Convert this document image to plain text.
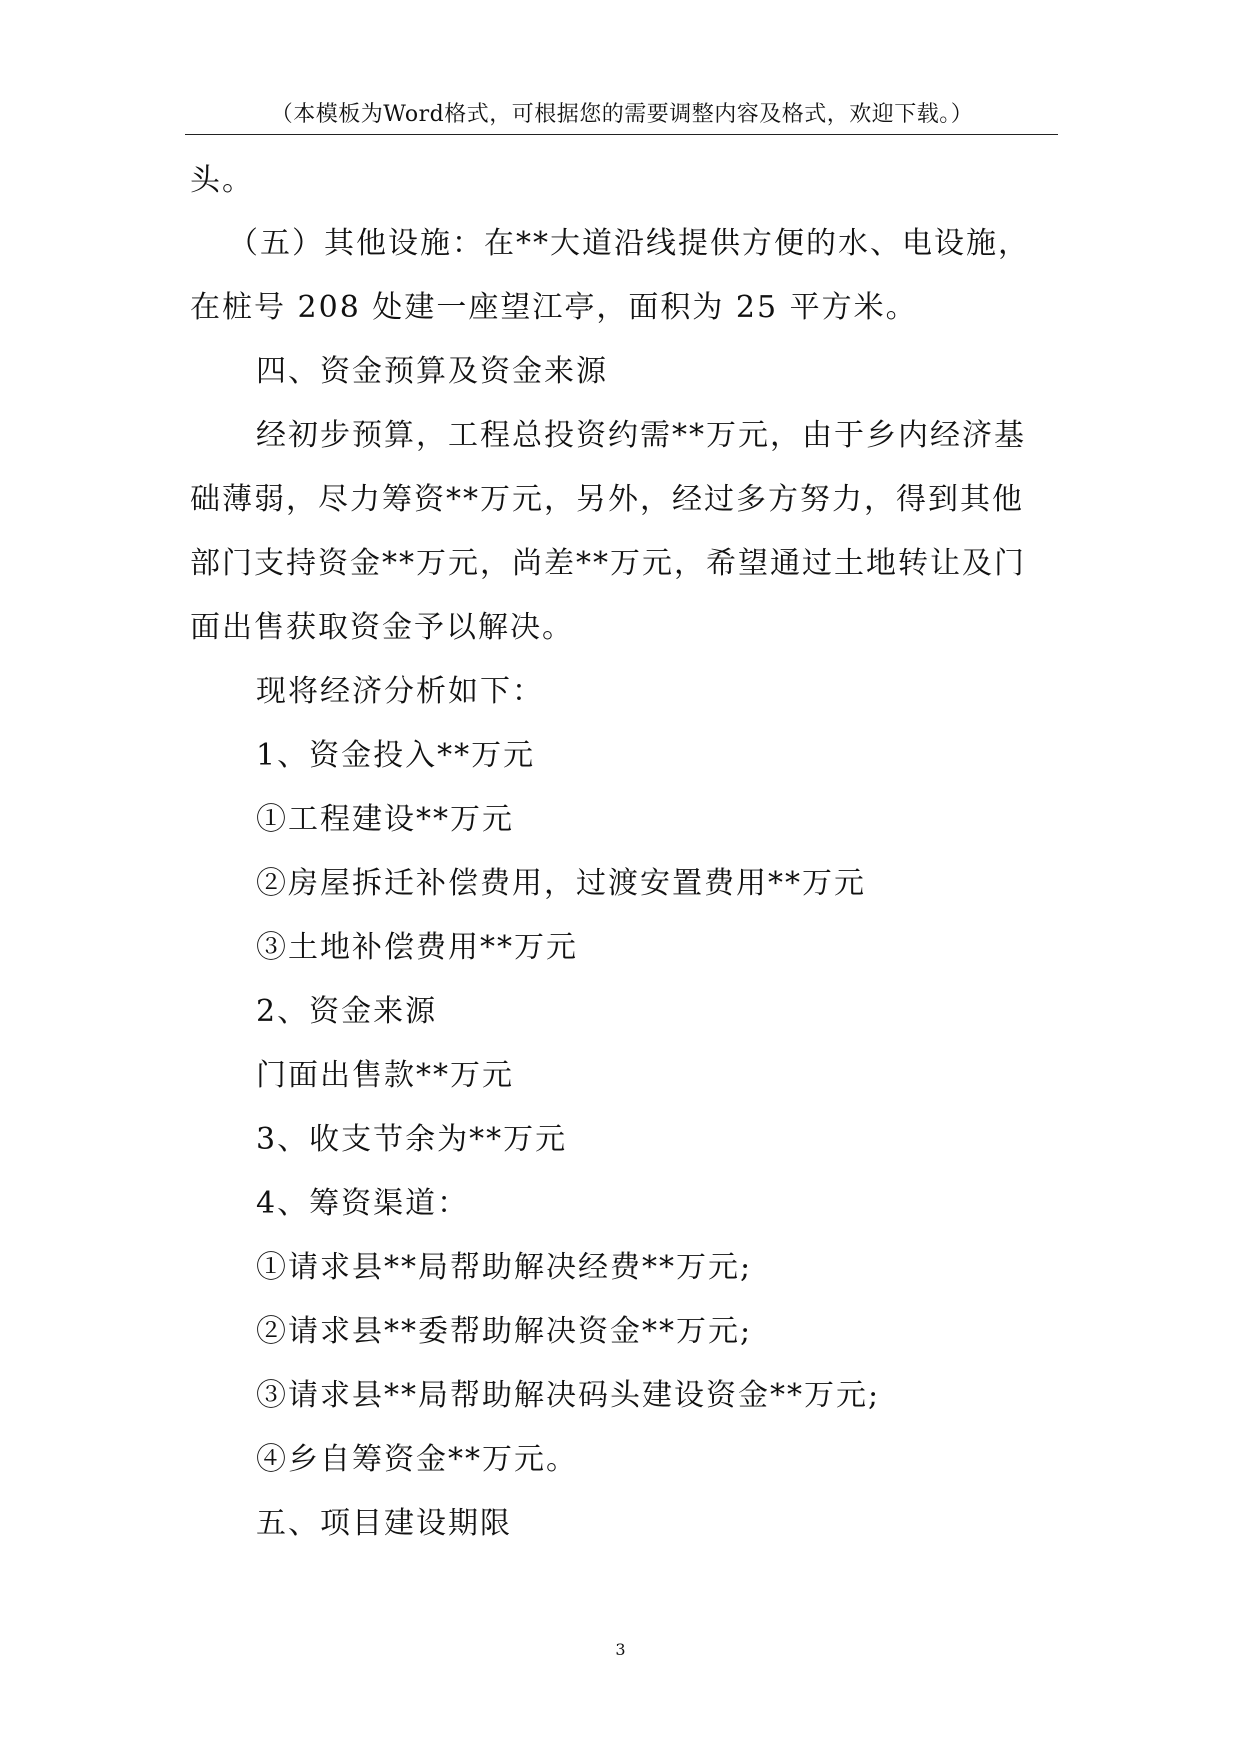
（本模板为Word格式，可根据您的需要调整内容及格式，欢迎下载。）
头。
（五）其他设施：在**大道沿线提供方便的水、电设施，
在桩号 208 处建一座望江亭，面积为 25 平方米。
四、资金预算及资金来源
经初步预算，工程总投资约需**万元，由于乡内经济基
础薄弱，尽力筹资**万元，另外，经过多方努力，得到其他
部门支持资金**万元，尚差**万元，希望通过土地转让及门
面出售获取资金予以解决。
现将经济分析如下：
1、资金投入**万元
①工程建设**万元
②房屋拆迁补偿费用，过渡安置费用**万元
③土地补偿费用**万元
2、资金来源
门面出售款**万元
3、收支节余为**万元
4、筹资渠道：
①请求县**局帮助解决经费**万元;
②请求县**委帮助解决资金**万元;
③请求县**局帮助解决码头建设资金**万元;
④乡自筹资金**万元。
五、项目建设期限
3
